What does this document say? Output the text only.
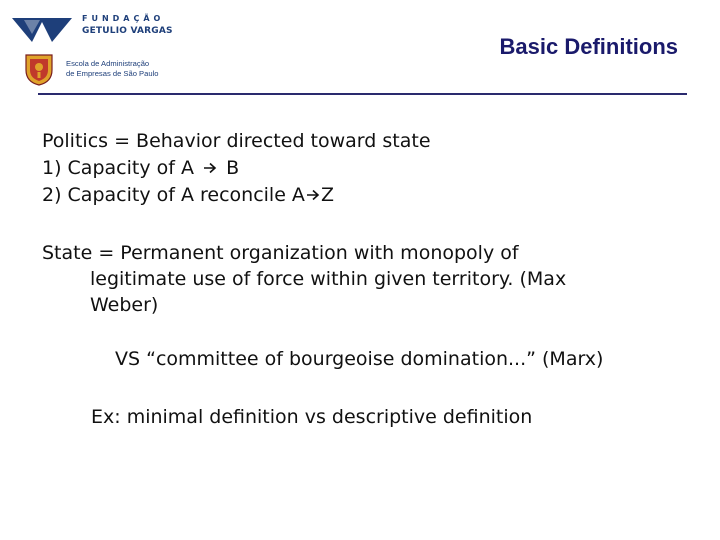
FUNDAÇÃO
GETULIO VARGAS
Escola de Administração
de Empresas de São Paulo
Basic Definitions

Politics = Behavior directed toward state
1) Capacity of A B
2) Capacity of A reconcile A Z

State = Permanent organization with monopoly of
legitimate use of force within given territory. (Max
Weber)

VS “committee of bourgeoise domination...” (Marx)

Ex: minimal definition vs descriptive definition
